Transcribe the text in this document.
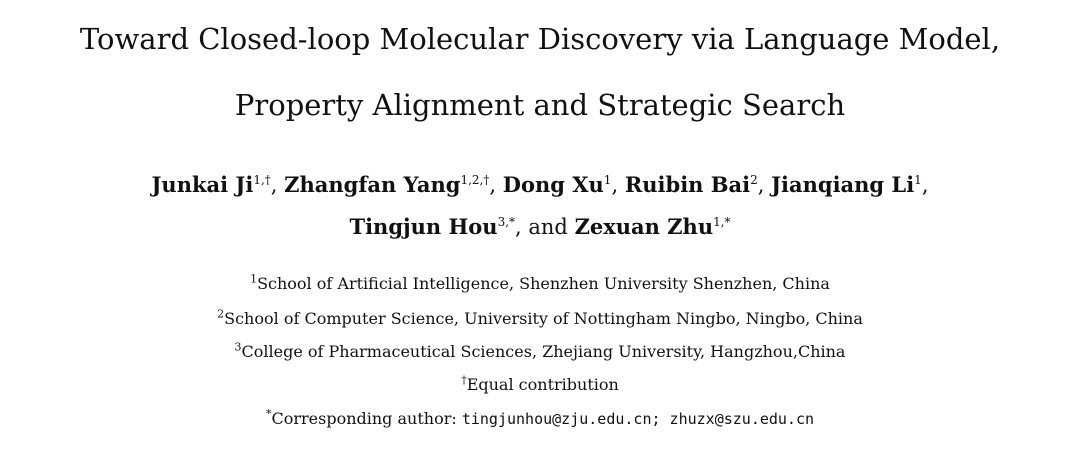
Toward Closed-loop Molecular Discovery via Language Model,
Property Alignment and Strategic Search
Junkai $Ji^{1,\dagger}$, Zhangfan Yang$^{1,2,\dagger}$, Dong Xu$^1$, Ruibin Bai$^2$, Jianqiang Li$^1$,
Tingjun Hou$^{3,*}$, and Zexuan Zhu$^{1,*}$
$^1$School of Artificial Intelligence, Shenzhen University Shenzhen, China
$^2$School of Computer Science, University of Nottingham Ningbo, Ningbo, China
$^3$College of Pharmaceutical Sciences, Zhejiang University, Hangzhou,China
†Equal contribution
*Corresponding author: tingjunhou@zju.edu.cn; zhuzx@szu.edu.cn
